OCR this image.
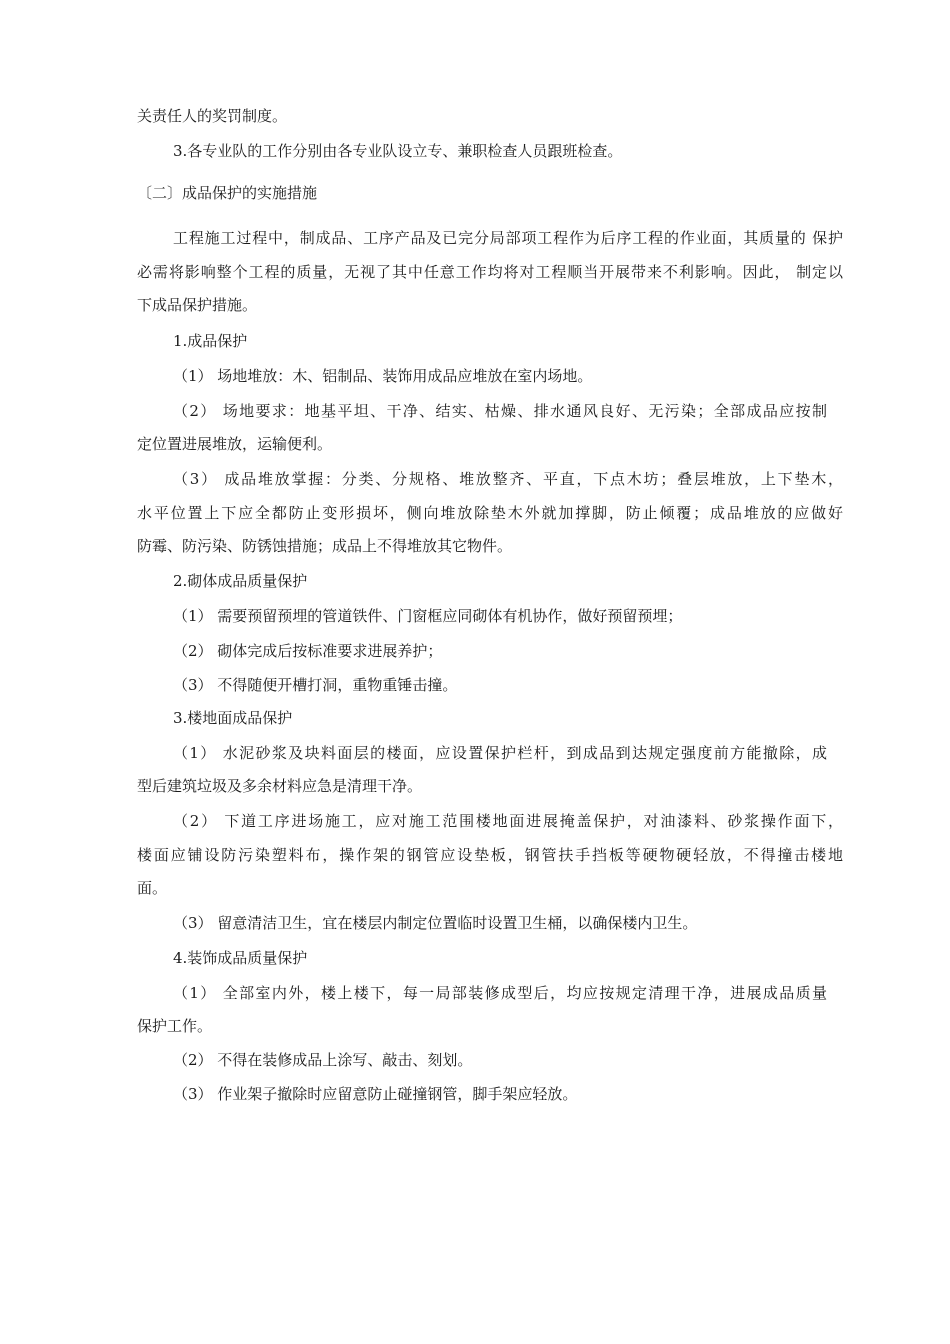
关责任人的奖罚制度。
3.各专业队的工作分别由各专业队设立专、兼职检查人员跟班检查。
〔二〕成品保护的实施措施
工程施工过程中，制成品、工序产品及已完分局部项工程作为后序工程的作业面，其质量的 保护
必需将影响整个工程的质量，无视了其中任意工作均将对工程顺当开展带来不利影响。因此， 制定以
下成品保护措施。
1.成品保护
（1） 场地堆放：木、铝制品、装饰用成品应堆放在室内场地。
（2） 场地要求：地基平坦、干净、结实、枯燥、排水通风良好、无污染；全部成品应按制
定位置进展堆放，运输便利。
（3） 成品堆放掌握：分类、分规格、堆放整齐、平直，下点木坊；叠层堆放，上下垫木，
水平位置上下应全都防止变形损坏，侧向堆放除垫木外就加撑脚，防止倾覆；成品堆放的应做好
防霉、防污染、防锈蚀措施；成品上不得堆放其它物件。
2.砌体成品质量保护
（1） 需要预留预埋的管道铁件、门窗框应同砌体有机协作，做好预留预埋；
（2） 砌体完成后按标准要求进展养护；
（3） 不得随便开槽打洞，重物重锤击撞。
3.楼地面成品保护
（1） 水泥砂浆及块料面层的楼面，应设置保护栏杆，到成品到达规定强度前方能撤除，成
型后建筑垃圾及多余材料应急是清理干净。
（2） 下道工序进场施工，应对施工范围楼地面进展掩盖保护，对油漆料、砂浆操作面下，
楼面应铺设防污染塑料布，操作架的钢管应设垫板，钢管扶手挡板等硬物硬轻放，不得撞击楼地
面。
（3） 留意清洁卫生，宜在楼层内制定位置临时设置卫生桶，以确保楼内卫生。
4.装饰成品质量保护
（1） 全部室内外，楼上楼下，每一局部装修成型后，均应按规定清理干净，进展成品质量
保护工作。
（2） 不得在装修成品上涂写、敲击、刻划。
（3） 作业架子撤除时应留意防止碰撞钢管，脚手架应轻放。
